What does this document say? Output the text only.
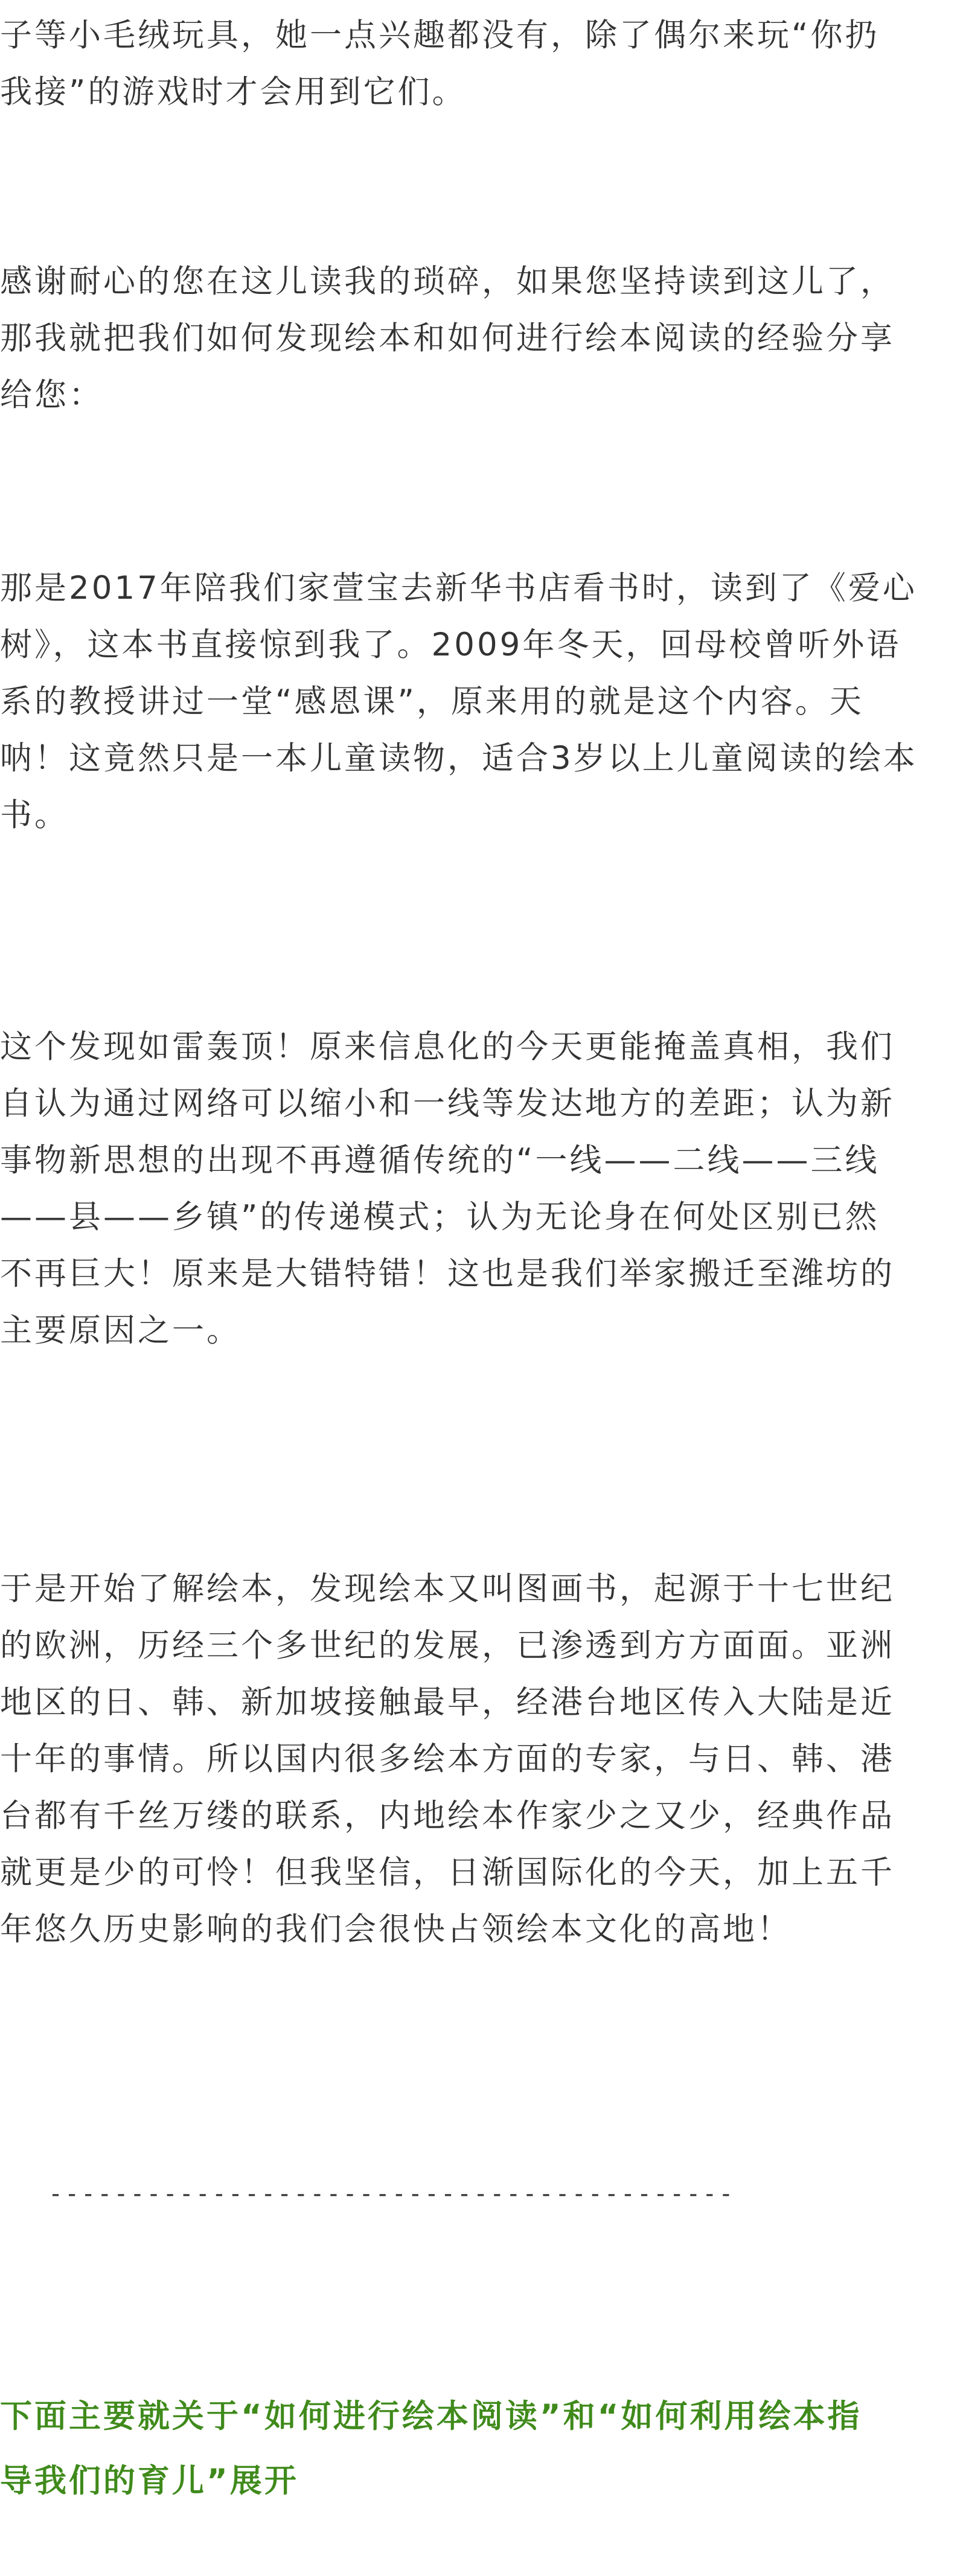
子等小毛绒玩具，她一点兴趣都没有，除了偶尔来玩“你扔
我接”的游戏时才会用到它们。

感谢耐心的您在这儿读我的琐碎，如果您坚持读到这儿了，
那我就把我们如何发现绘本和如何进行绘本阅读的经验分享
给您：

那是2017年陪我们家萱宝去新华书店看书时，读到了《爱心
树》，这本书直接惊到我了。2009年冬天，回母校曾听外语
系的教授讲过一堂“感恩课”，原来用的就是这个内容。天
呐！这竟然只是一本儿童读物，适合3岁以上儿童阅读的绘本
书。

这个发现如雷轰顶！原来信息化的今天更能掩盖真相，我们
自认为通过网络可以缩小和一线等发达地方的差距；认为新
事物新思想的出现不再遵循传统的“一线——二线——三线
——县——乡镇”的传递模式；认为无论身在何处区别已然
不再巨大！原来是大错特错！这也是我们举家搬迁至潍坊的
主要原因之一。

于是开始了解绘本，发现绘本又叫图画书，起源于十七世纪
的欧洲，历经三个多世纪的发展，已渗透到方方面面。亚洲
地区的日、韩、新加坡接触最早，经港台地区传入大陆是近
十年的事情。所以国内很多绘本方面的专家，与日、韩、港
台都有千丝万缕的联系，内地绘本作家少之又少，经典作品
就更是少的可怜！但我坚信，日渐国际化的今天，加上五千
年悠久历史影响的我们会很快占领绘本文化的高地！

------------------------------------------

下面主要就关于“如何进行绘本阅读”和“如何利用绘本指
导我们的育儿”展开
